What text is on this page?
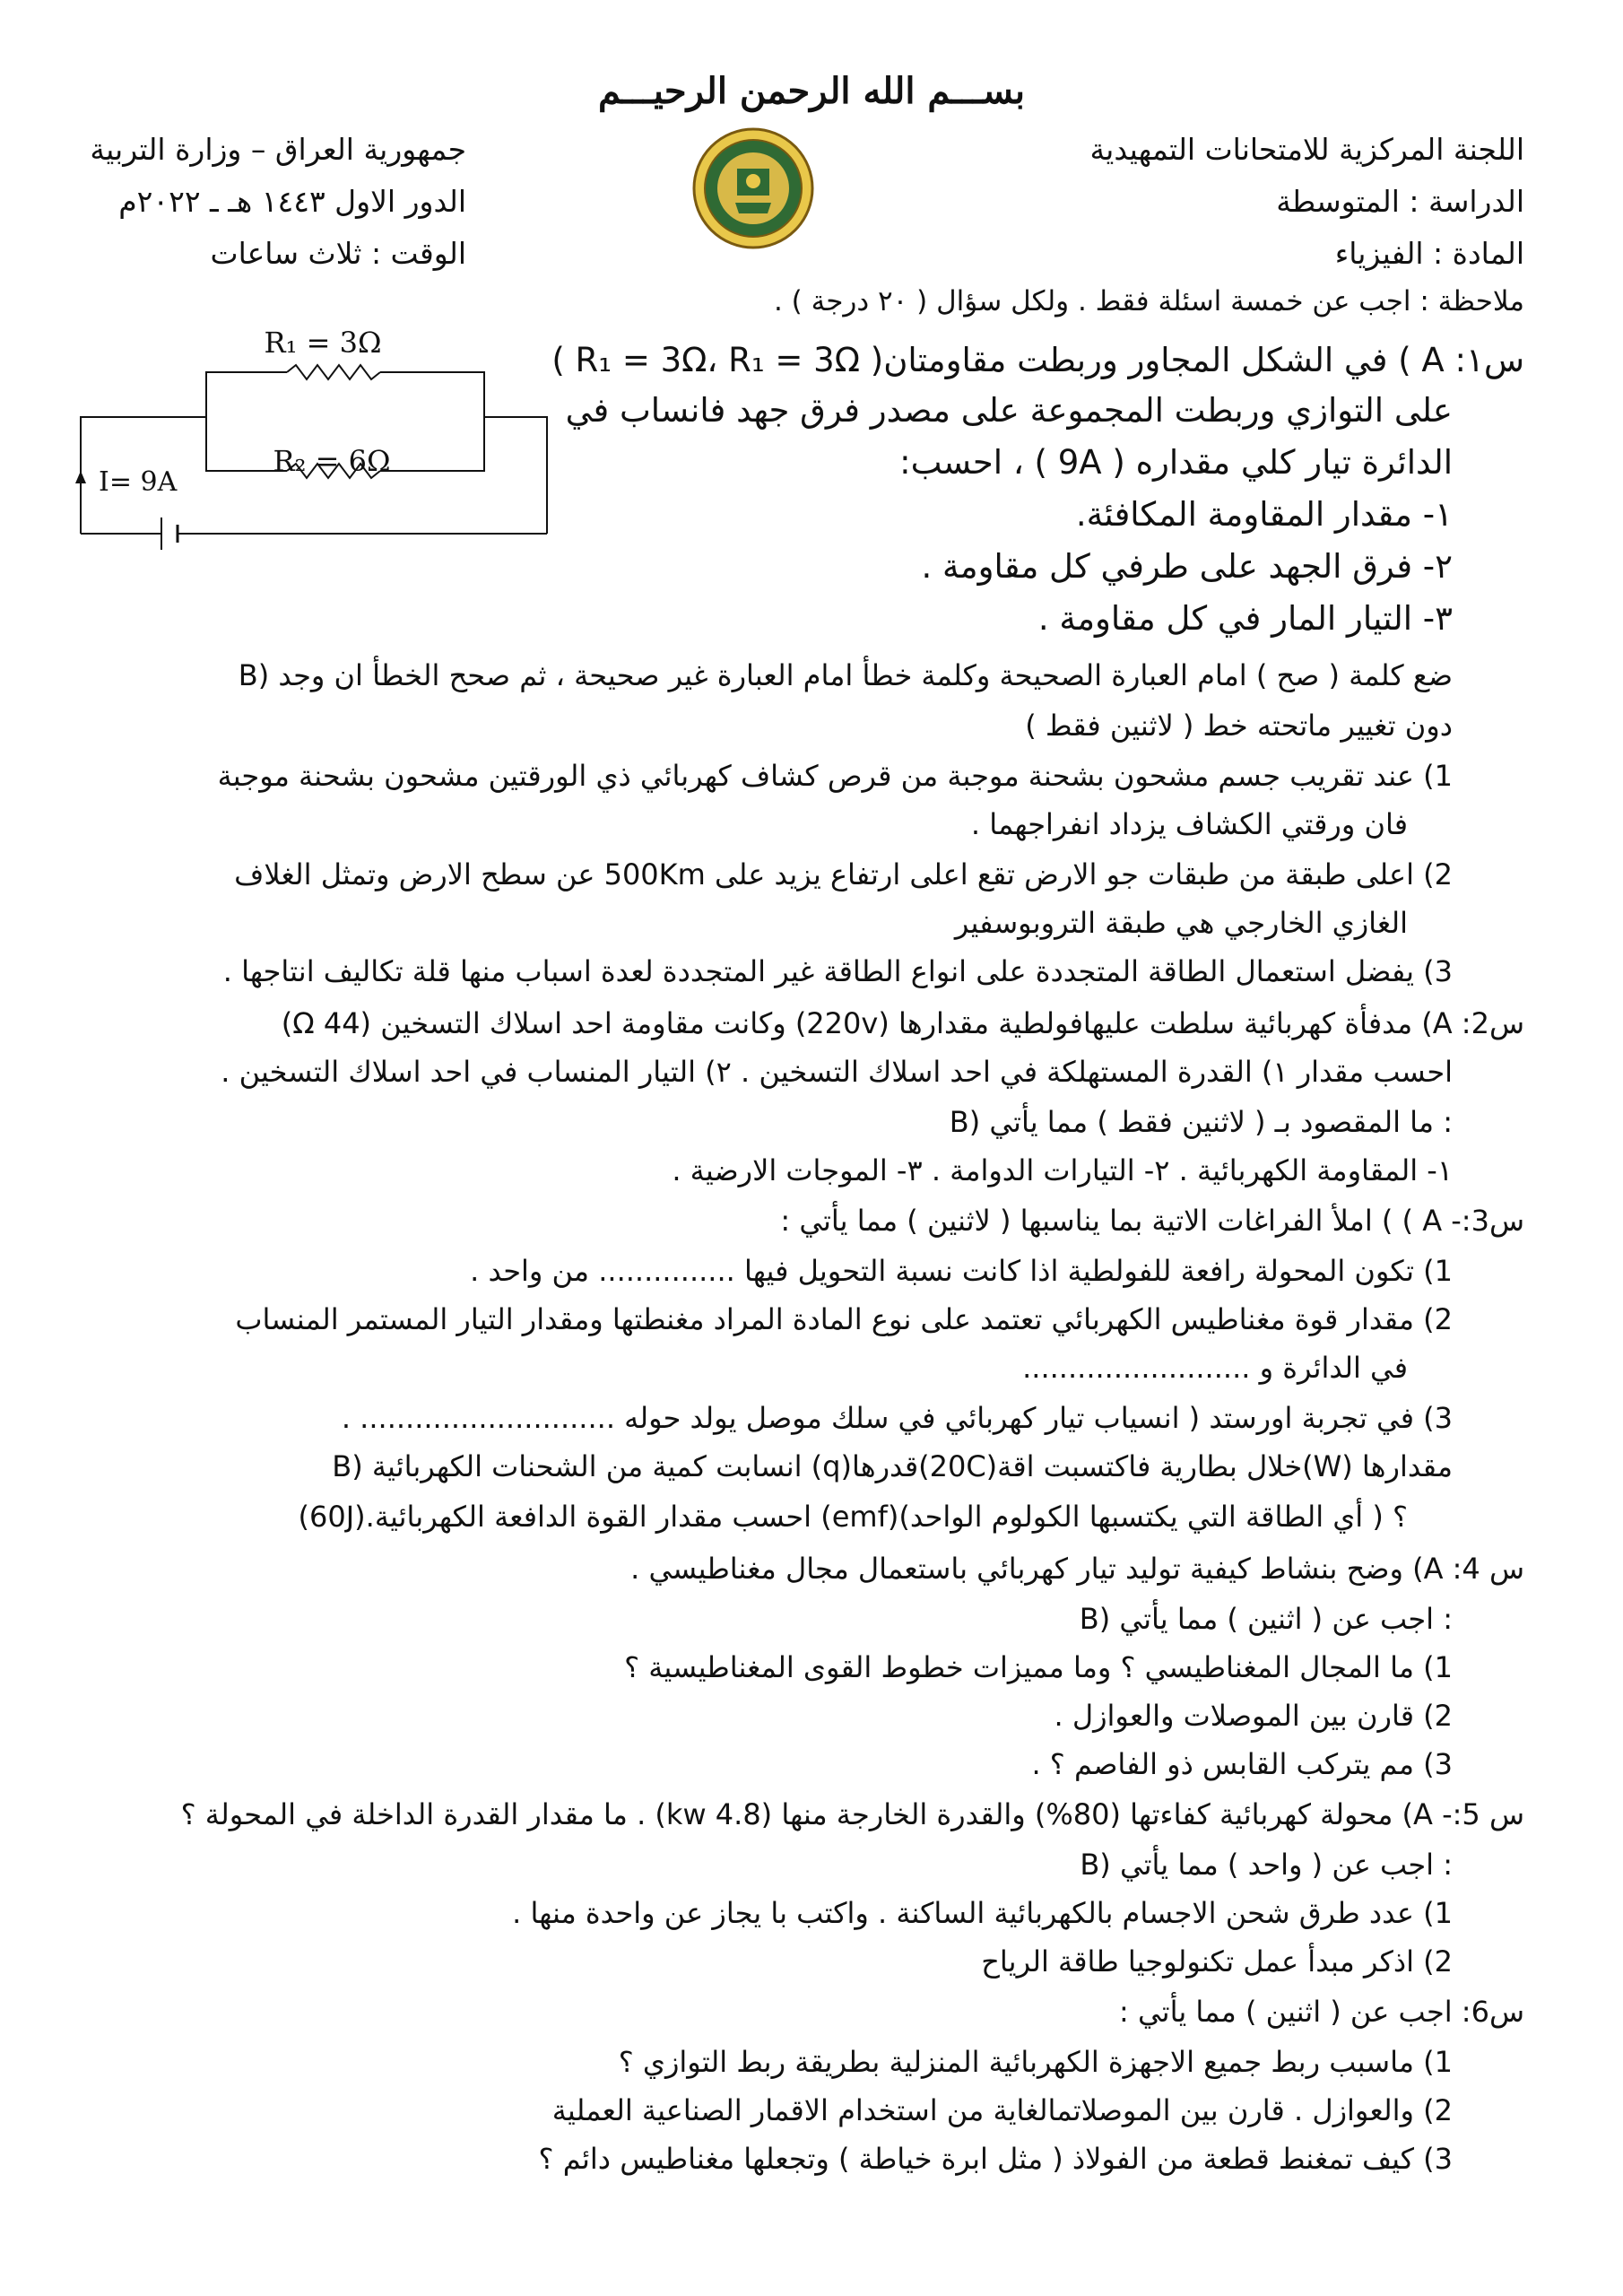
بســـم الله الرحمن الرحيـــم
اللجنة المركزية للامتحانات التمهيدية
الدراسة : المتوسطة
المادة : الفيزياء
جمهورية العراق – وزارة التربية
الدور الاول ١٤٤٣ هـ ـ ٢٠٢٢م
الوقت : ثلاث ساعات
ملاحظة : اجب عن خمسة اسئلة فقط . ولكل سؤال ( ٢٠ درجة ) .
R₁ = 3Ω
R₂ = 6Ω
I= 9A
س١: A ) في الشكل المجاور وربطت مقاومتان( R₁ = 3Ω، R₁ = 3Ω )
على التوازي وربطت المجموعة على مصدر فرق جهد فانساب في
الدائرة تيار كلي مقداره ( 9A ) ، احسب:
١- مقدار المقاومة المكافئة.
٢- فرق الجهد على طرفي كل مقاومة .
٣- التيار المار في كل مقاومة .
B) ضع كلمة ( صح ) امام العبارة الصحيحة وكلمة خطأ امام العبارة غير صحيحة ، ثم صحح الخطأ ان وجد
دون تغيير ماتحته خط ( لاثنين فقط )
1) عند تقريب جسم مشحون بشحنة موجبة من قرص كشاف كهربائي ذي الورقتين مشحون بشحنة موجبة
فان ورقتي الكشاف يزداد انفراجهما .
2) اعلى طبقة من طبقات جو الارض تقع اعلى ارتفاع يزيد على 500Km عن سطح الارض وتمثل الغلاف
الغازي الخارجي هي طبقة التروبوسفير
3) يفضل استعمال الطاقة المتجددة على انواع الطاقة غير المتجددة لعدة اسباب منها قلة تكاليف انتاجها .
س2: A) مدفأة كهربائية سلطت عليهافولطية مقدارها (220v) وكانت مقاومة احد اسلاك التسخين (Ω 44)
احسب مقدار ١) القدرة المستهلكة في احد اسلاك التسخين . ٢) التيار المنساب في احد اسلاك التسخين .
B) ما المقصود بـ ( لاثنين فقط ) مما يأتي :
١- المقاومة الكهربائية . ٢- التيارات الدوامة . ٣- الموجات الارضية .
س3:- A ) ) املأ الفراغات الاتية بما يناسبها ( لاثنين ) مما يأتي :
1) تكون المحولة رافعة للفولطية اذا كانت نسبة التحويل فيها ............... من واحد .
2) مقدار قوة مغناطيس الكهربائي تعتمد على نوع المادة المراد مغنطتها ومقدار التيار المستمر المنساب
في الدائرة و .........................
3) في تجربة اورستد ( انسياب تيار كهربائي في سلك موصل يولد حوله ............................ .
B) انسابت كمية من الشحنات الكهربائية (q)قدرها(20C)خلال بطارية فاكتسبت اقة(W) مقدارها
(60J).احسب مقدار القوة الدافعة الكهربائية (emf)(أي الطاقة التي يكتسبها الكولوم الواحد ) ؟
س 4: A) وضح بنشاط كيفية توليد تيار كهربائي باستعمال مجال مغناطيسي .
B) اجب عن ( اثنين ) مما يأتي :
1) ما المجال المغناطيسي ؟ وما مميزات خطوط القوى المغناطيسية ؟
2) قارن بين الموصلات والعوازل .
3) مم يتركب القابس ذو الفاصم ؟ .
س 5:- A) محولة كهربائية كفاءتها (80%) والقدرة الخارجة منها (4.8 kw) . ما مقدار القدرة الداخلة في المحولة ؟
B) اجب عن ( واحد ) مما يأتي :
1) عدد طرق شحن الاجسام بالكهربائية الساكنة . واكتب با يجاز عن واحدة منها .
2) اذكر مبدأ عمل تكنولوجيا طاقة الرياح
س6: اجب عن ( اثنين ) مما يأتي :
1) ماسبب ربط جميع الاجهزة الكهربائية المنزلية بطريقة ربط التوازي ؟
2) والعوازل . قارن بين الموصلاتمالغاية من استخدام الاقمار الصناعية العملية
3) كيف تمغنط قطعة من الفولاذ ( مثل ابرة خياطة ) وتجعلها مغناطيس دائم ؟
